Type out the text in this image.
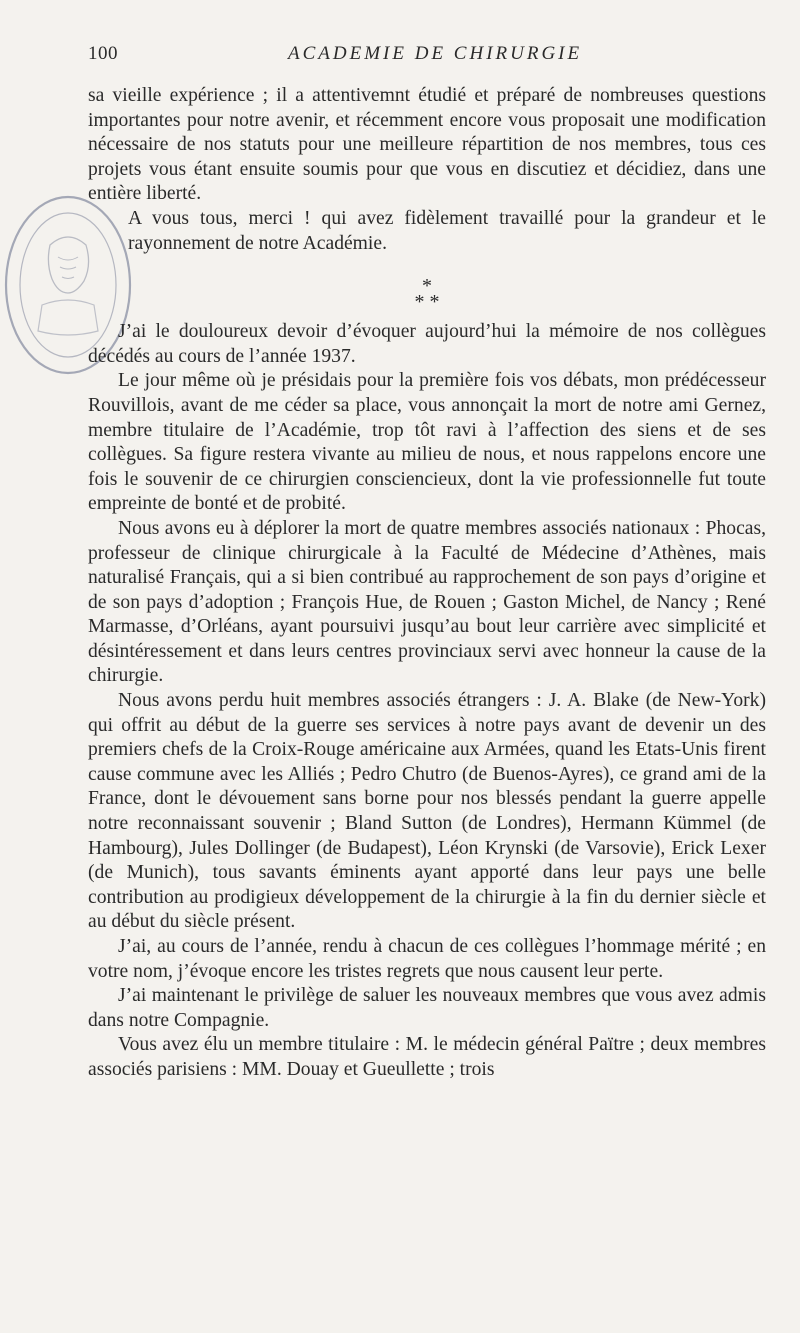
100	ACADEMIE DE CHIRURGIE

sa vieille expérience ; il a attentivemnt étudié et préparé de nombreuses questions importantes pour notre avenir, et récemment encore vous proposait une modification nécessaire de nos statuts pour une meilleure répartition de nos membres, tous ces projets vous étant ensuite soumis pour que vous en discutiez et décidiez, dans une entière liberté.

A vous tous, merci ! qui avez fidèlement travaillé pour la grandeur et le rayonnement de notre Académie.

*
* *

J’ai le douloureux devoir d’évoquer aujourd’hui la mémoire de nos collègues décédés au cours de l’année 1937.

Le jour même où je présidais pour la première fois vos débats, mon prédécesseur Rouvillois, avant de me céder sa place, vous annonçait la mort de notre ami Gernez, membre titulaire de l’Académie, trop tôt ravi à l’affection des siens et de ses collègues. Sa figure restera vivante au milieu de nous, et nous rappelons encore une fois le souvenir de ce chirurgien consciencieux, dont la vie professionnelle fut toute empreinte de bonté et de probité.

Nous avons eu à déplorer la mort de quatre membres associés nationaux : Phocas, professeur de clinique chirurgicale à la Faculté de Médecine d’Athènes, mais naturalisé Français, qui a si bien contribué au rapprochement de son pays d’origine et de son pays d’adoption ; François Hue, de Rouen ; Gaston Michel, de Nancy ; René Marmasse, d’Orléans, ayant poursuivi jusqu’au bout leur carrière avec simplicité et désintéressement et dans leurs centres provinciaux servi avec honneur la cause de la chirurgie.

Nous avons perdu huit membres associés étrangers : J. A. Blake (de New-York) qui offrit au début de la guerre ses services à notre pays avant de devenir un des premiers chefs de la Croix-Rouge américaine aux Armées, quand les Etats-Unis firent cause commune avec les Alliés ; Pedro Chutro (de Buenos-Ayres), ce grand ami de la France, dont le dévouement sans borne pour nos blessés pendant la guerre appelle notre reconnaissant souvenir ; Bland Sutton (de Londres), Hermann Kümmel (de Hambourg), Jules Dollinger (de Budapest), Léon Krynski (de Varsovie), Erick Lexer (de Munich), tous savants éminents ayant apporté dans leur pays une belle contribution au prodigieux développement de la chirurgie à la fin du dernier siècle et au début du siècle présent.

J’ai, au cours de l’année, rendu à chacun de ces collègues l’hommage mérité ; en votre nom, j’évoque encore les tristes regrets que nous causent leur perte.

J’ai maintenant le privilège de saluer les nouveaux membres que vous avez admis dans notre Compagnie.

Vous avez élu un membre titulaire : M. le médecin général Païtre ; deux membres associés parisiens : MM. Douay et Gueullette ; trois
